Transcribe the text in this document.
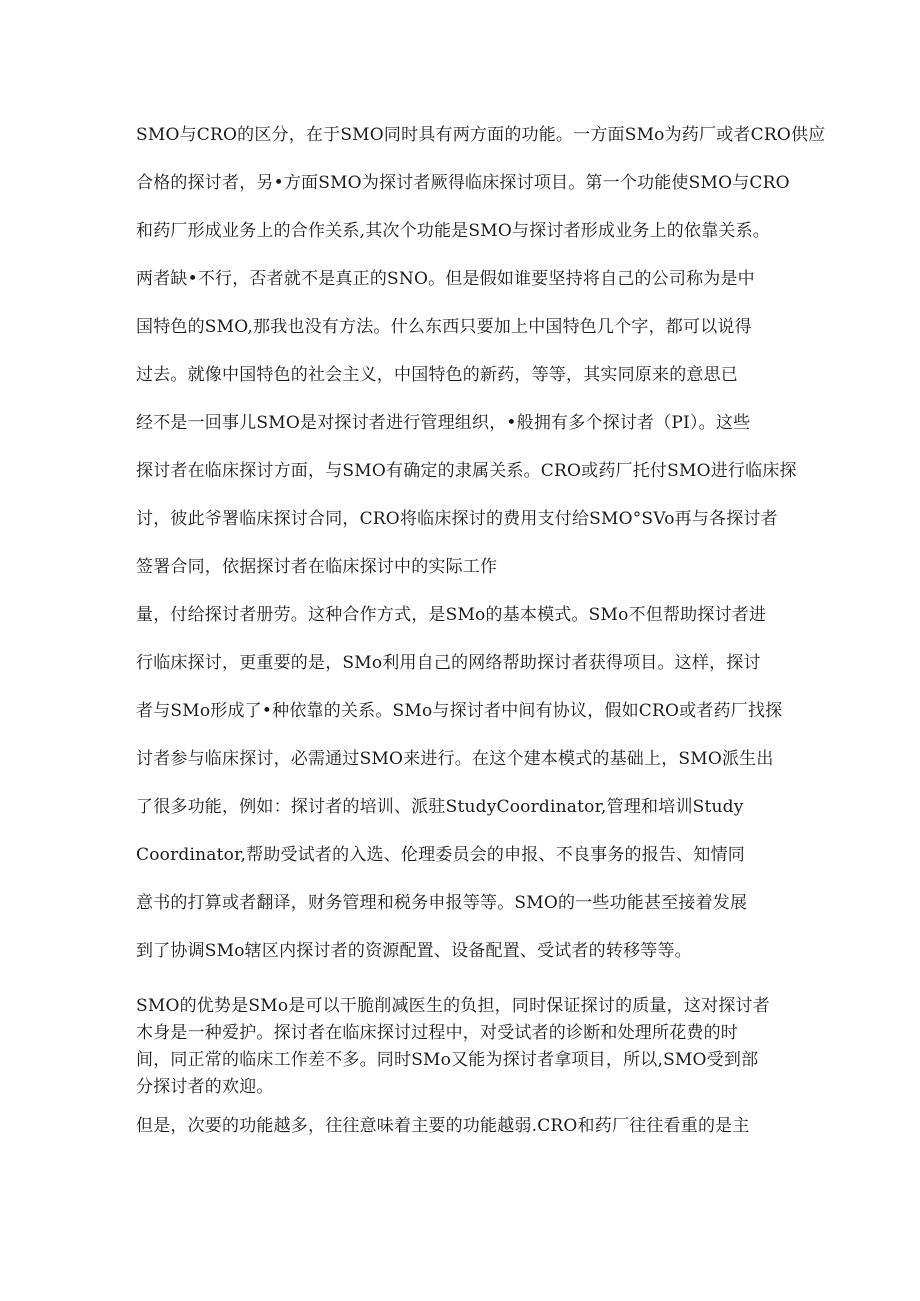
SMO与CRO的区分，在于SMO同时具有两方面的功能。一方面SMo为药厂或者CRO供应
合格的探讨者，另•方面SMO为探讨者厥得临床探讨项目。第一个功能使SMO与CRO
和药厂形成业务上的合作关系,其次个功能是SMO与探讨者形成业务上的依靠关系。
两者缺•不行，否者就不是真正的SNO。但是假如谁要坚持将自己的公司称为是中
国特色的SMO,那我也没有方法。什么东西只要加上中国特色几个字，都可以说得
过去。就像中国特色的社会主义，中国特色的新药，等等，其实同原来的意思已
经不是一回事儿SMO是对探讨者进行管理组织，•般拥有多个探讨者（PI）。这些
探讨者在临床探讨方面，与SMO有确定的隶属关系。CRO或药厂托付SMO进行临床探
讨，彼此爷署临床探讨合同，CRO将临床探讨的费用支付给SMO°SVo再与各探讨者
签署合同，依据探讨者在临床探讨中的实际工作
量，付给探讨者册劳。这种合作方式，是SMo的基本模式。SMo不但帮助探讨者进
行临床探讨，更重要的是，SMo利用自己的网络帮助探讨者获得项目。这样，探讨
者与SMo形成了•种依靠的关系。SMo与探讨者中间有协议，假如CRO或者药厂找探
讨者参与临床探讨，必需通过SMO来进行。在这个建本模式的基础上，SMO派生出
了很多功能，例如：探讨者的培训、派驻StudyCoordinator,管理和培训Study
Coordinator,帮助受试者的入选、伦理委员会的申报、不良事务的报告、知情同
意书的打算或者翻译，财务管理和税务申报等等。SMO的一些功能甚至接着发展
到了协调SMo辖区内探讨者的资源配置、设备配置、受试者的转移等等。
SMO的优势是SMo是可以干脆削减医生的负担，同时保证探讨的质量，这对探讨者
木身是一种爱护。探讨者在临床探讨过程中，对受试者的诊断和处理所花费的时
间，同正常的临床工作差不多。同时SMo又能为探讨者拿项目，所以,SMO受到部
分探讨者的欢迎。
但是，次要的功能越多，往往意味着主要的功能越弱.CRO和药厂往往看重的是主
